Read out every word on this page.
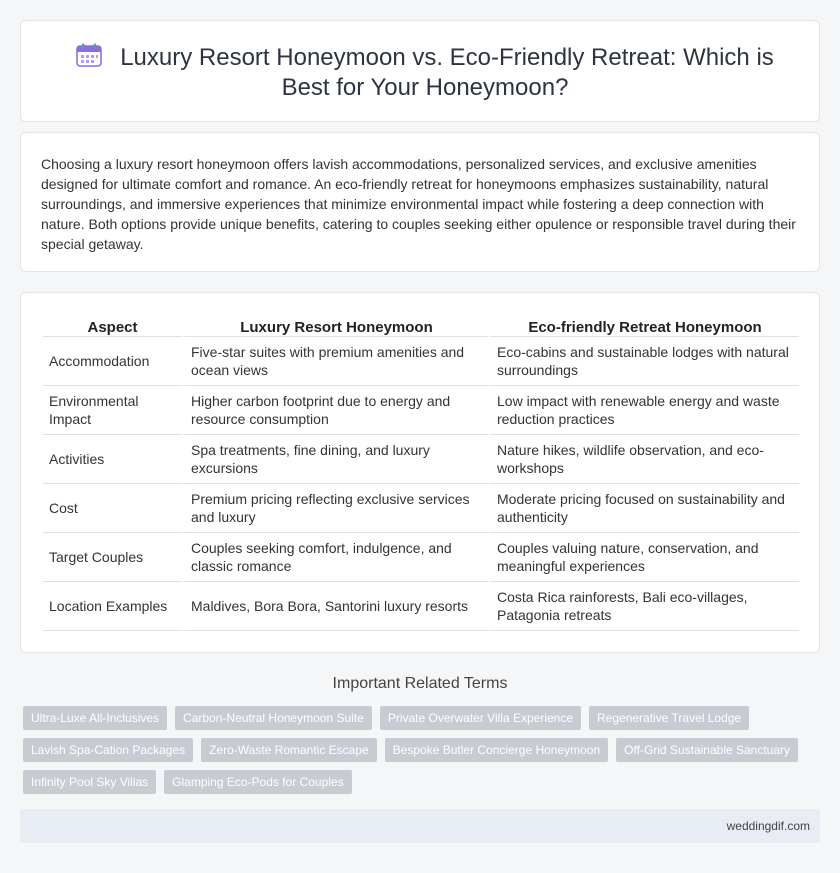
Luxury Resort Honeymoon vs. Eco-Friendly Retreat: Which is Best for Your Honeymoon?

Choosing a luxury resort honeymoon offers lavish accommodations, personalized services, and exclusive amenities designed for ultimate comfort and romance. An eco-friendly retreat for honeymoons emphasizes sustainability, natural surroundings, and immersive experiences that minimize environmental impact while fostering a deep connection with nature. Both options provide unique benefits, catering to couples seeking either opulence or responsible travel during their special getaway.

Aspect	Luxury Resort Honeymoon	Eco-friendly Retreat Honeymoon
Accommodation	Five-star suites with premium amenities and ocean views	Eco-cabins and sustainable lodges with natural surroundings
Environmental Impact	Higher carbon footprint due to energy and resource consumption	Low impact with renewable energy and waste reduction practices
Activities	Spa treatments, fine dining, and luxury excursions	Nature hikes, wildlife observation, and eco-workshops
Cost	Premium pricing reflecting exclusive services and luxury	Moderate pricing focused on sustainability and authenticity
Target Couples	Couples seeking comfort, indulgence, and classic romance	Couples valuing nature, conservation, and meaningful experiences
Location Examples	Maldives, Bora Bora, Santorini luxury resorts	Costa Rica rainforests, Bali eco-villages, Patagonia retreats
Important Related Terms
Ultra-Luxe All-Inclusives	Carbon-Neutral Honeymoon Suite	Private Overwater Villa Experience	Regenerative Travel Lodge
Lavish Spa-Cation Packages	Zero-Waste Romantic Escape	Bespoke Butler Concierge Honeymoon	Off-Grid Sustainable Sanctuary
Infinity Pool Sky Villas	Glamping Eco-Pods for Couples
weddingdif.com
